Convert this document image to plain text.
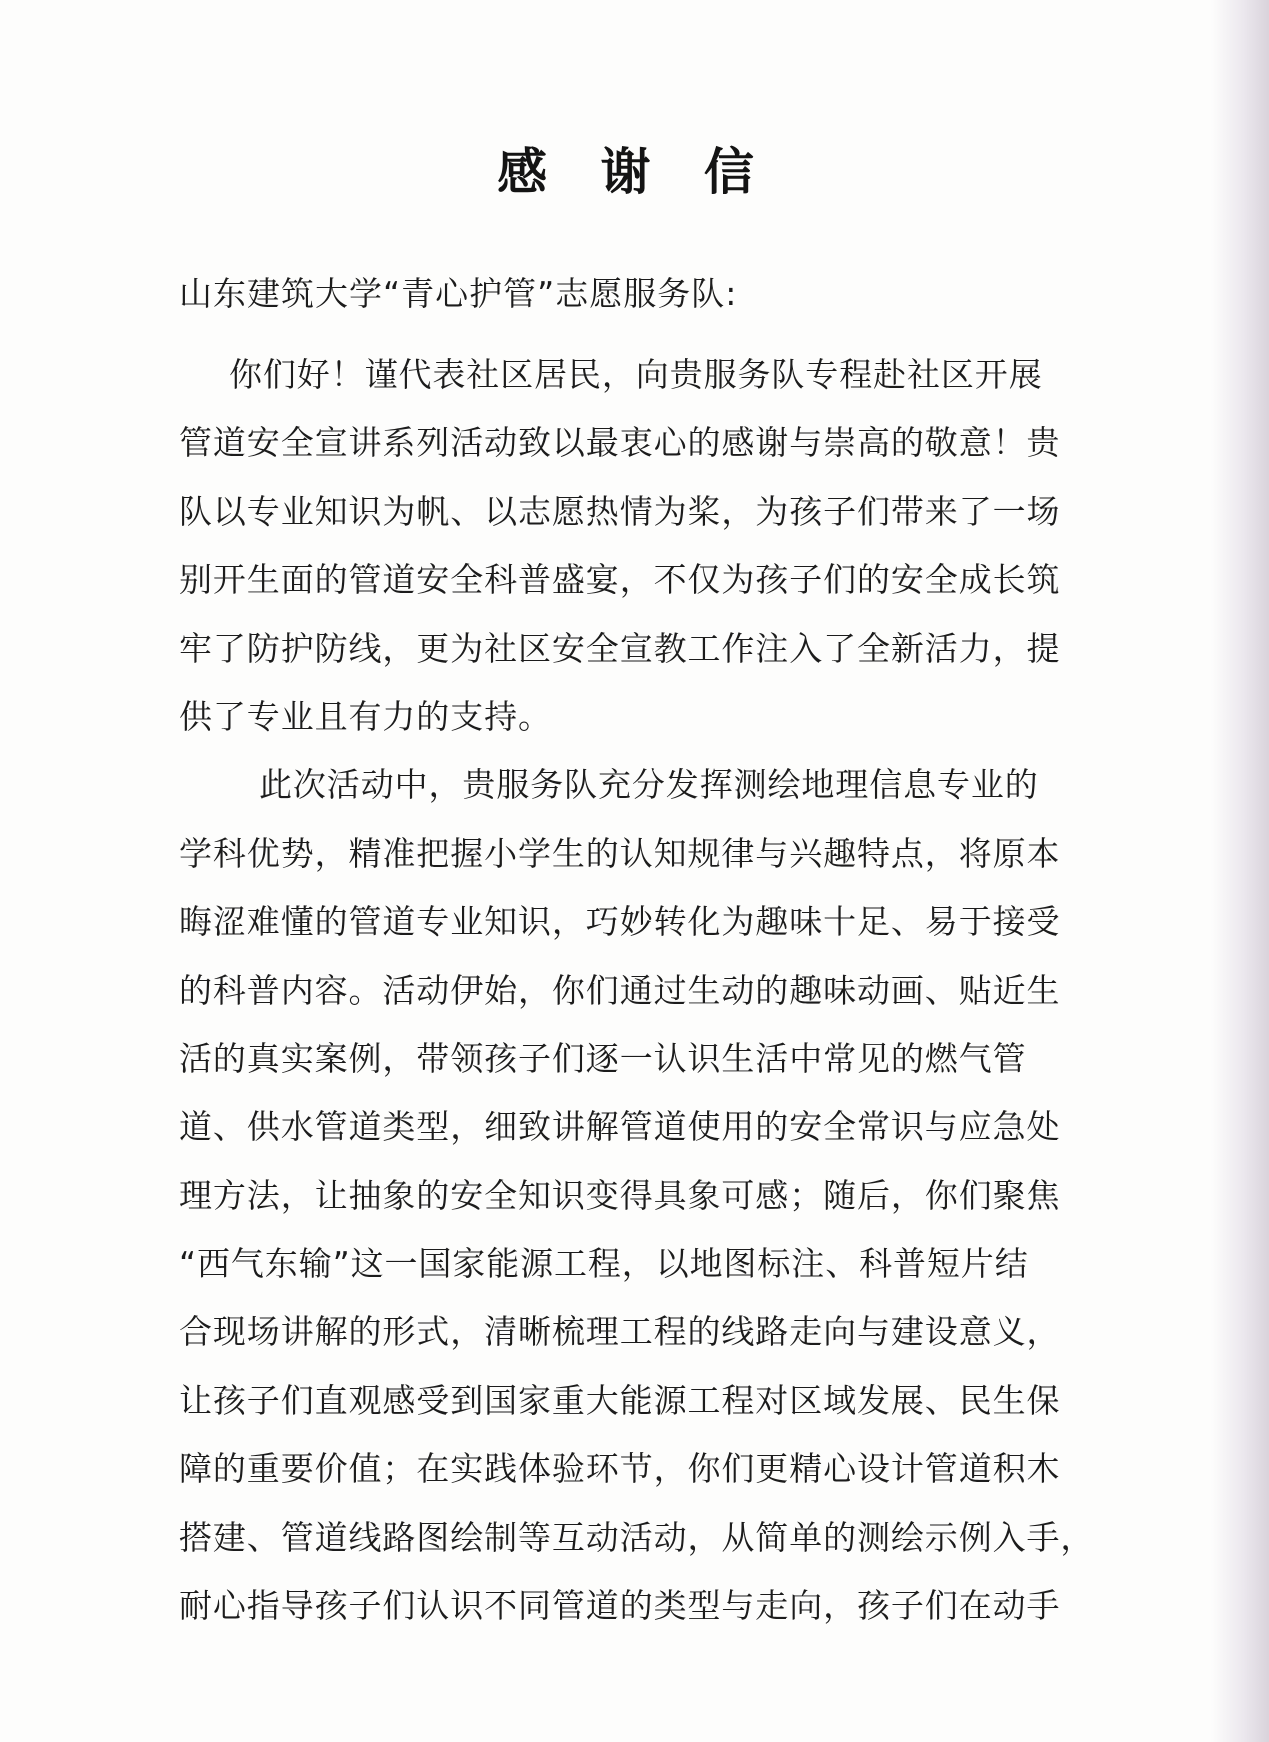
感 谢 信
山东建筑大学“青心护管”志愿服务队:
你们好！谨代表社区居民，向贵服务队专程赴社区开展
管道安全宣讲系列活动致以最衷心的感谢与崇高的敬意！贵
队以专业知识为帆、以志愿热情为桨，为孩子们带来了一场
别开生面的管道安全科普盛宴，不仅为孩子们的安全成长筑
牢了防护防线，更为社区安全宣教工作注入了全新活力，提
供了专业且有力的支持。
此次活动中，贵服务队充分发挥测绘地理信息专业的
学科优势，精准把握小学生的认知规律与兴趣特点，将原本
晦涩难懂的管道专业知识，巧妙转化为趣味十足、易于接受
的科普内容。活动伊始，你们通过生动的趣味动画、贴近生
活的真实案例，带领孩子们逐一认识生活中常见的燃气管
道、供水管道类型，细致讲解管道使用的安全常识与应急处
理方法，让抽象的安全知识变得具象可感；随后，你们聚焦
“西气东输”这一国家能源工程，以地图标注、科普短片结
合现场讲解的形式，清晰梳理工程的线路走向与建设意义，
让孩子们直观感受到国家重大能源工程对区域发展、民生保
障的重要价值；在实践体验环节，你们更精心设计管道积木
搭建、管道线路图绘制等互动活动，从简单的测绘示例入手，
耐心指导孩子们认识不同管道的类型与走向，孩子们在动手
